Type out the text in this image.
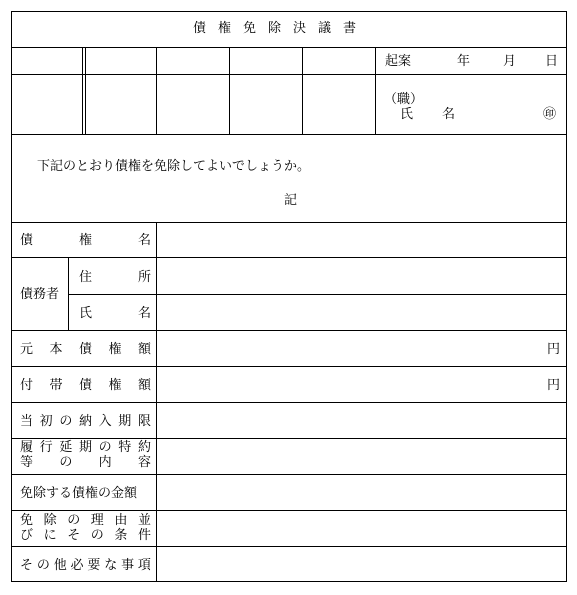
債権免除決議書
起案	年	月 日
（職）
氏　名	㊞
下記のとおり債権を免除してよいでしょうか。
記
債	権	名
債務者
住	所
氏	名
元 本 債 権 額	円
付 帯 債 権 額	円
当 初 の 納 入 期 限
履 行 延 期 の 特 約
等 の 内 容
免除する債権の金額
免 除 の 理 由 並
び に そ の 条 件
そ の 他 必 要 な 事 項
